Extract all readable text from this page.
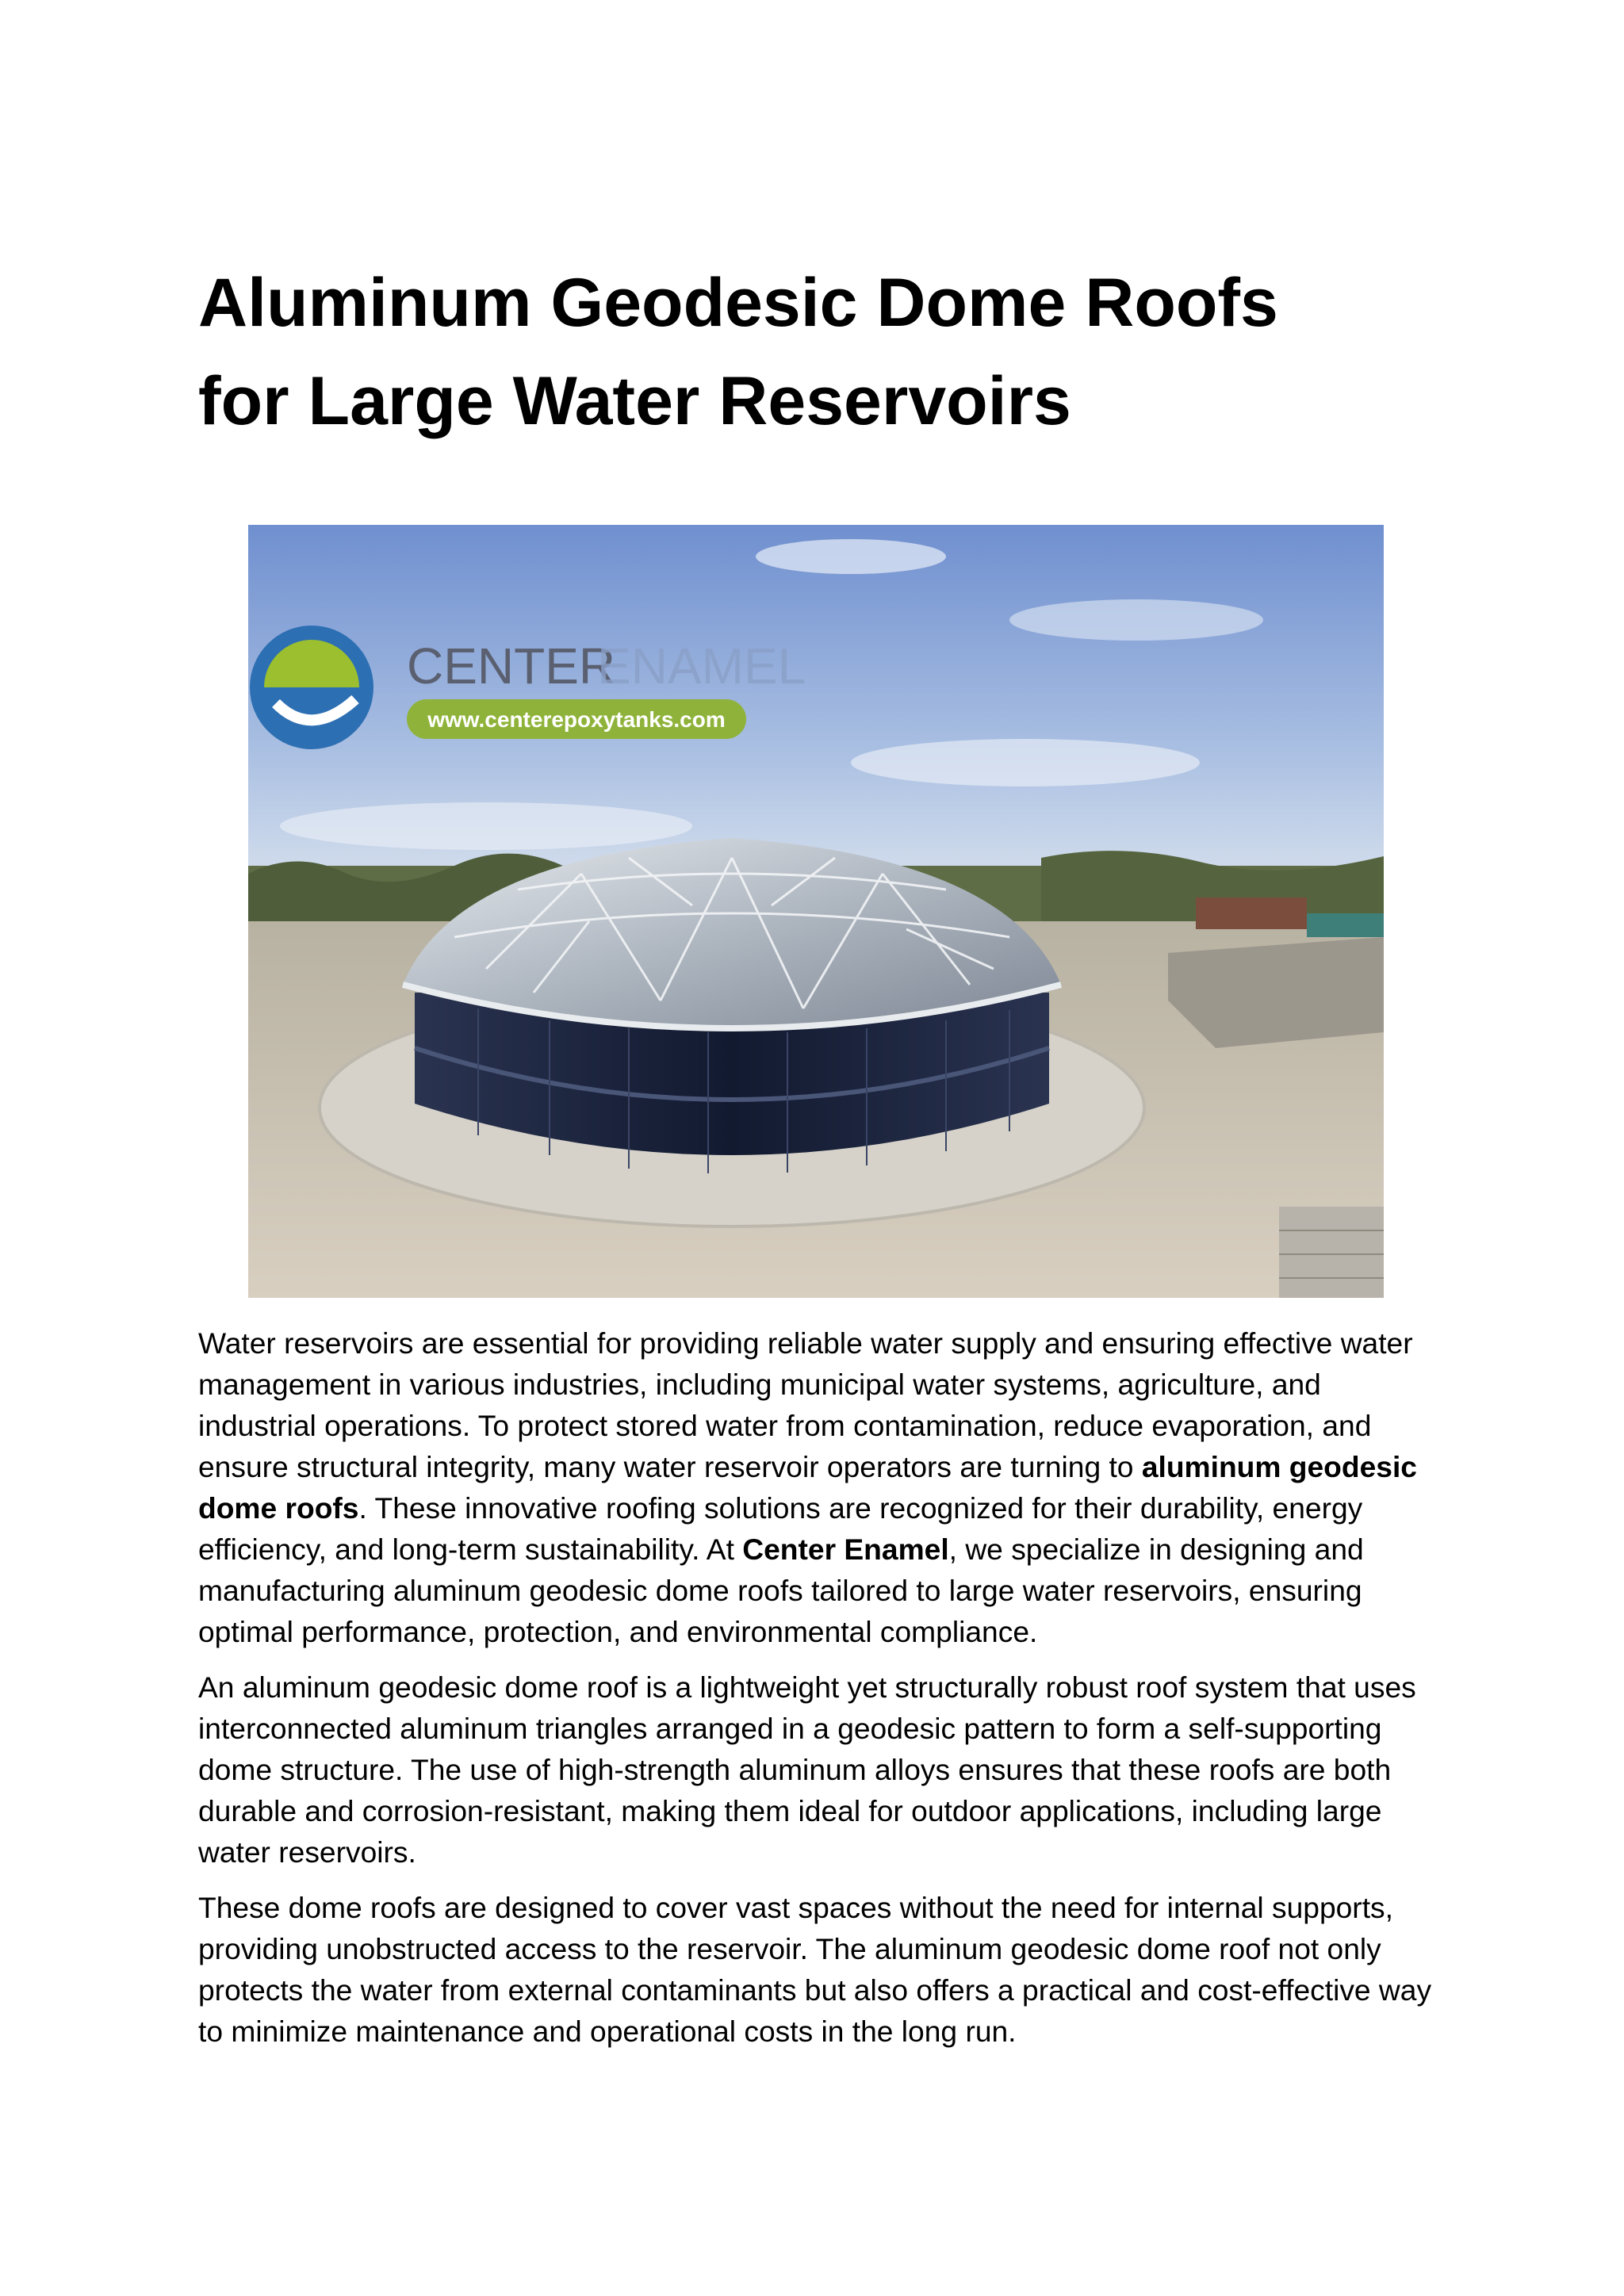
Aluminum Geodesic Dome Roofs
for Large Water Reservoirs
CENTER
ENAMEL
www.centerepoxytanks.com

Water reservoirs are essential for providing reliable water supply and ensuring effective water management in various industries, including municipal water systems, agriculture, and industrial operations. To protect stored water from contamination, reduce evaporation, and ensure structural integrity, many water reservoir operators are turning to aluminum geodesic dome roofs. These innovative roofing solutions are recognized for their durability, energy efficiency, and long-term sustainability. At Center Enamel, we specialize in designing and manufacturing aluminum geodesic dome roofs tailored to large water reservoirs, ensuring optimal performance, protection, and environmental compliance.

An aluminum geodesic dome roof is a lightweight yet structurally robust roof system that uses interconnected aluminum triangles arranged in a geodesic pattern to form a self-supporting dome structure. The use of high-strength aluminum alloys ensures that these roofs are both durable and corrosion-resistant, making them ideal for outdoor applications, including large water reservoirs.

These dome roofs are designed to cover vast spaces without the need for internal supports, providing unobstructed access to the reservoir. The aluminum geodesic dome roof not only protects the water from external contaminants but also offers a practical and cost-effective way to minimize maintenance and operational costs in the long run.
